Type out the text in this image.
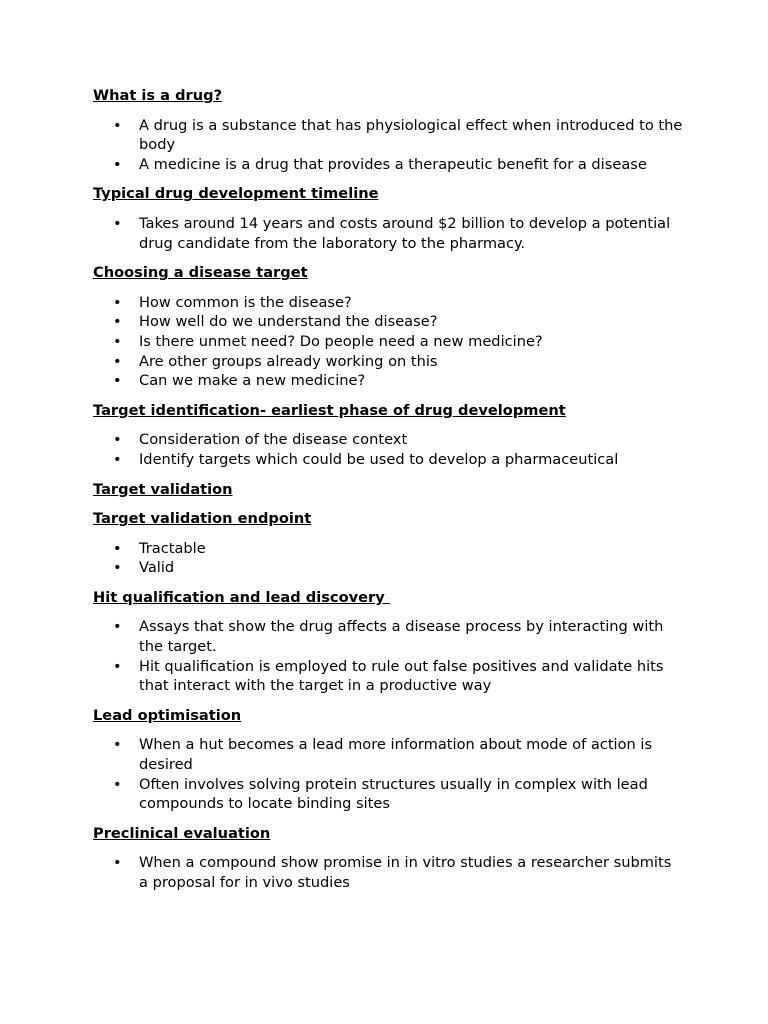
What is a drug?
• A drug is a substance that has physiological effect when introduced to the body
• A medicine is a drug that provides a therapeutic benefit for a disease
Typical drug development timeline
• Takes around 14 years and costs around $2 billion to develop a potential drug candidate from the laboratory to the pharmacy.
Choosing a disease target
• How common is the disease?
• How well do we understand the disease?
• Is there unmet need? Do people need a new medicine?
• Are other groups already working on this
• Can we make a new medicine?
Target identification- earliest phase of drug development
• Consideration of the disease context
• Identify targets which could be used to develop a pharmaceutical
Target validation
Target validation endpoint
• Tractable
• Valid
Hit qualification and lead discovery
• Assays that show the drug affects a disease process by interacting with the target.
• Hit qualification is employed to rule out false positives and validate hits that interact with the target in a productive way
Lead optimisation
• When a hut becomes a lead more information about mode of action is desired
• Often involves solving protein structures usually in complex with lead compounds to locate binding sites
Preclinical evaluation
• When a compound show promise in in vitro studies a researcher submits a proposal for in vivo studies
